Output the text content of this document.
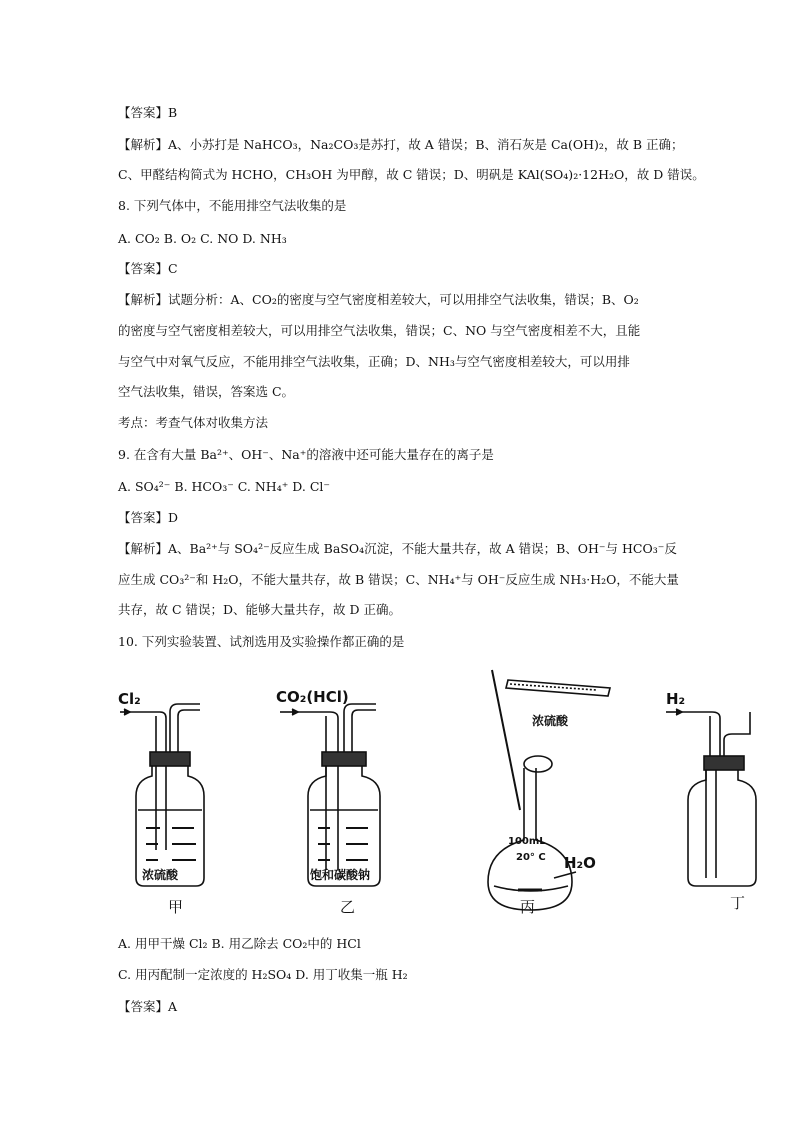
【答案】B
【解析】A、小苏打是 NaHCO₃，Na₂CO₃是苏打，故 A 错误；B、消石灰是 Ca(OH)₂，故 B 正确；
C、甲醛结构简式为 HCHO，CH₃OH 为甲醇，故 C 错误；D、明矾是 KAl(SO₄)₂·12H₂O，故 D 错误。
8. 下列气体中，不能用排空气法收集的是
A. CO₂ B. O₂ C. NO D. NH₃
【答案】C
【解析】试题分析：A、CO₂的密度与空气密度相差较大，可以用排空气法收集，错误；B、O₂
的密度与空气密度相差较大，可以用排空气法收集，错误；C、NO 与空气密度相差不大，且能
与空气中对氧气反应，不能用排空气法收集，正确；D、NH₃与空气密度相差较大，可以用排
空气法收集，错误，答案选 C。
考点：考查气体对收集方法
9. 在含有大量 Ba²⁺、OH⁻、Na⁺的溶液中还可能大量存在的离子是
A. SO₄²⁻ B. HCO₃⁻ C. NH₄⁺ D. Cl⁻
【答案】D
【解析】A、Ba²⁺与 SO₄²⁻反应生成 BaSO₄沉淀，不能大量共存，故 A 错误；B、OH⁻与 HCO₃⁻反
应生成 CO₃²⁻和 H₂O，不能大量共存，故 B 错误；C、NH₄⁺与 OH⁻反应生成 NH₃·H₂O，不能大量
共存，故 C 错误；D、能够大量共存，故 D 正确。
10. 下列实验装置、试剂选用及实验操作都正确的是
Cl₂
浓硫酸
甲
CO₂(HCl)
饱和碳酸钠
乙
浓硫酸
100mL
20° C H₂O
丙
H₂
丁
A. 用甲干燥 Cl₂ B. 用乙除去 CO₂中的 HCl
C. 用丙配制一定浓度的 H₂SO₄ D. 用丁收集一瓶 H₂
【答案】A
